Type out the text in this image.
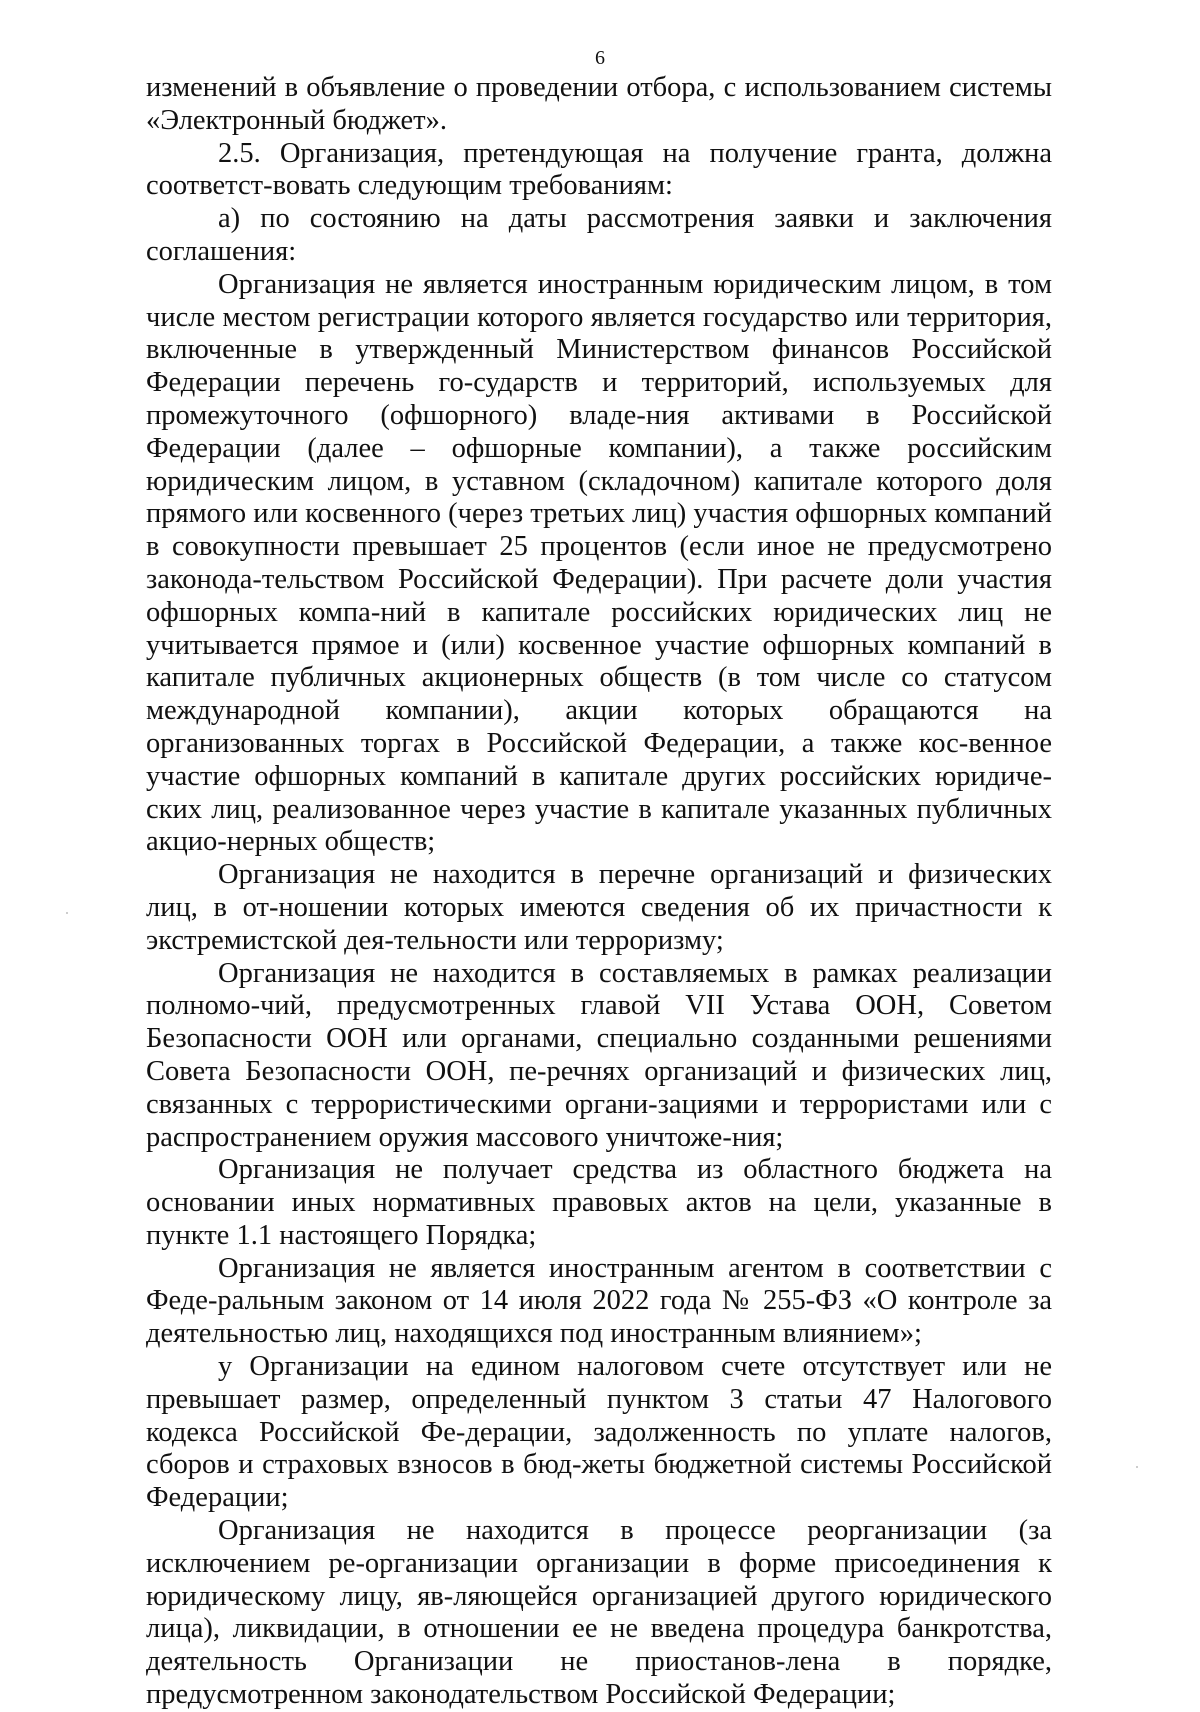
6

изменений в объявление о проведении отбора, с использованием системы «Электронный бюджет».

2.5. Организация, претендующая на получение гранта, должна соответст-вовать следующим требованиям:

а) по состоянию на даты рассмотрения заявки и заключения соглашения:

Организация не является иностранным юридическим лицом, в том числе местом регистрации которого является государство или территория, включенные в утвержденный Министерством финансов Российской Федерации перечень го-сударств и территорий, используемых для промежуточного (офшорного) владе-ния активами в Российской Федерации (далее – офшорные компании), а также российским юридическим лицом, в уставном (складочном) капитале которого доля прямого или косвенного (через третьих лиц) участия офшорных компаний в совокупности превышает 25 процентов (если иное не предусмотрено законода-тельством Российской Федерации). При расчете доли участия офшорных компа-ний в капитале российских юридических лиц не учитывается прямое и (или) косвенное участие офшорных компаний в капитале публичных акционерных обществ (в том числе со статусом международной компании), акции которых обращаются на организованных торгах в Российской Федерации, а также кос-венное участие офшорных компаний в капитале других российских юридиче-ских лиц, реализованное через участие в капитале указанных публичных акцио-нерных обществ;

Организация не находится в перечне организаций и физических лиц, в от-ношении которых имеются сведения об их причастности к экстремистской дея-тельности или терроризму;

Организация не находится в составляемых в рамках реализации полномо-чий, предусмотренных главой VII Устава ООН, Советом Безопасности ООН или органами, специально созданными решениями Совета Безопасности ООН, пе-речнях организаций и физических лиц, связанных с террористическими органи-зациями и террористами или с распространением оружия массового уничтоже-ния;

Организация не получает средства из областного бюджета на основании иных нормативных правовых актов на цели, указанные в пункте 1.1 настоящего Порядка;

Организация не является иностранным агентом в соответствии с Феде-ральным законом от 14 июля 2022 года № 255-ФЗ «О контроле за деятельностью лиц, находящихся под иностранным влиянием»;

у Организации на едином налоговом счете отсутствует или не превышает размер, определенный пунктом 3 статьи 47 Налогового кодекса Российской Фе-дерации, задолженность по уплате налогов, сборов и страховых взносов в бюд-жеты бюджетной системы Российской Федерации;

Организация не находится в процессе реорганизации (за исключением ре-организации организации в форме присоединения к юридическому лицу, яв-ляющейся организацией другого юридического лица), ликвидации, в отношении ее не введена процедура банкротства, деятельность Организации не приостанов-лена в порядке, предусмотренном законодательством Российской Федерации;
